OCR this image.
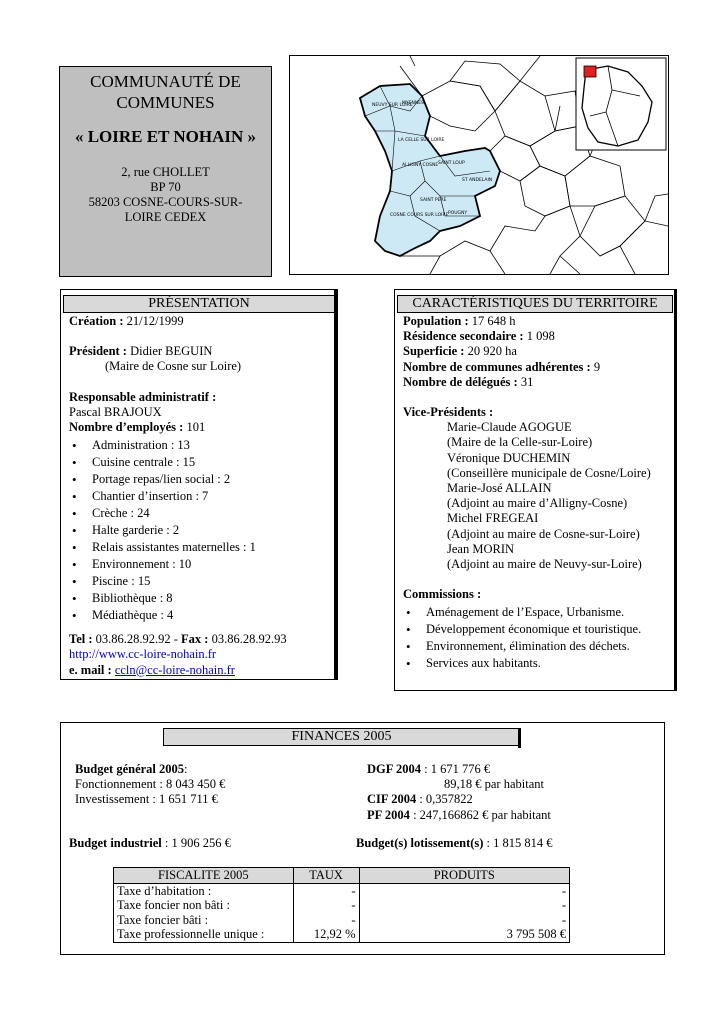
COMMUNAUTÉ DE
COMMUNES
« LOIRE ET NOHAIN »
2, rue CHOLLET
BP 70
58203 COSNE-COURS-SUR-
LOIRE CEDEX
NEUVY SUR LOIRE
MYENNES
LA CELLE SUR LOIRE
ALLIGNY COSNE SAINT LOUP
COSNE COURS SUR LOIRE
SAINT PERE
POUGNY
ST ANDELAIN
PRÉSENTATION
Création : 21/12/1999
Président : Didier BEGUIN
(Maire de Cosne sur Loire)
Responsable administratif :
Pascal BRAJOUX
Nombre d’employés : 101
• Administration : 13
• Cuisine centrale : 15
• Portage repas/lien social : 2
• Chantier d’insertion : 7
• Crèche : 24
• Halte garderie : 2
• Relais assistantes maternelles : 1
• Environnement : 10
• Piscine : 15
• Bibliothèque : 8
• Médiathèque : 4
Tel : 03.86.28.92.92 - Fax : 03.86.28.92.93
http://www.cc-loire-nohain.fr
e. mail : ccln@cc-loire-nohain.fr
CARACTÉRISTIQUES DU TERRITOIRE
Population : 17 648 h
Résidence secondaire : 1 098
Superficie : 20 920 ha
Nombre de communes adhérentes : 9
Nombre de délégués : 31
Vice-Présidents :
Marie-Claude AGOGUE
(Maire de la Celle-sur-Loire)
Véronique DUCHEMIN
(Conseillère municipale de Cosne/Loire)
Marie-José ALLAIN
(Adjoint au maire d’Alligny-Cosne)
Michel FREGEAI
(Adjoint au maire de Cosne-sur-Loire)
Jean MORIN
(Adjoint au maire de Neuvy-sur-Loire)
Commissions :
• Aménagement de l’Espace, Urbanisme.
• Développement économique et touristique.
• Environnement, élimination des déchets.
• Services aux habitants.
FINANCES 2005
Budget général 2005:
Fonctionnement : 8 043 450 €
Investissement : 1 651 711 €
DGF 2004 : 1 671 776 €
89,18 € par habitant
CIF 2004 : 0,357822
PF 2004 : 247,166862 € par habitant
Budget industriel : 1 906 256 €	Budget(s) lotissement(s) : 1 815 814 €
FISCALITE 2005	TAUX	PRODUITS
Taxe d’habitation :	-	-
Taxe foncier non bâti :	-	-
Taxe foncier bâti :	-	-
Taxe professionnelle unique :	12,92 %	3 795 508 €
